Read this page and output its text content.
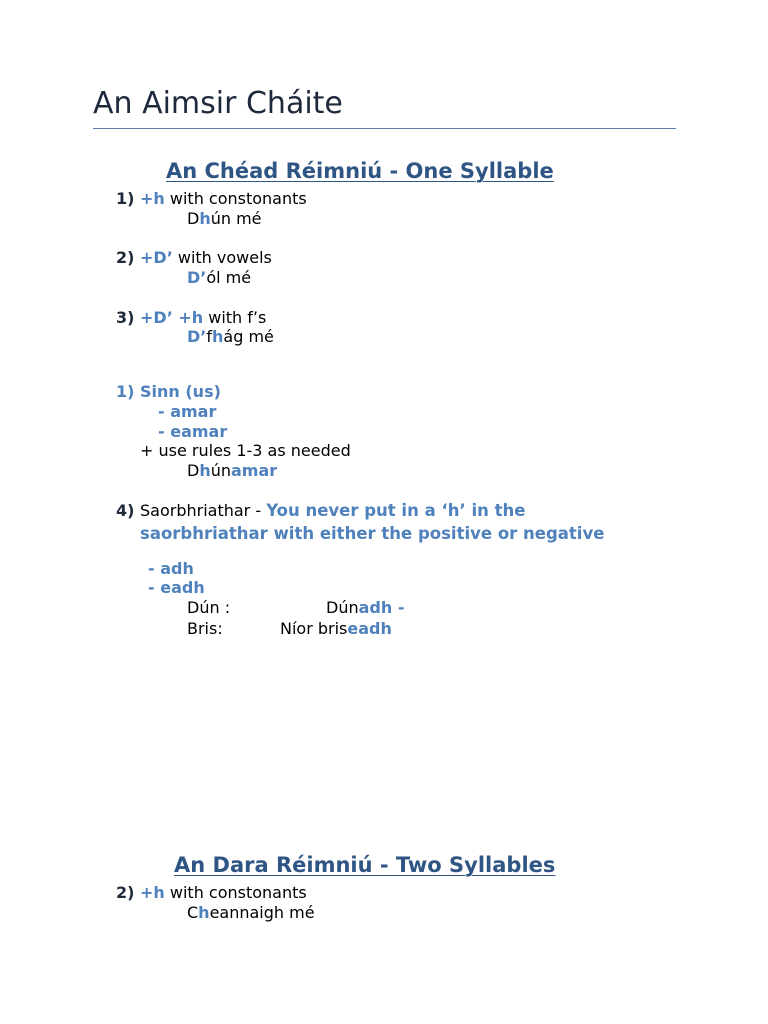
An Aimsir Cháite
An Chéad Réimniú - One Syllable
1) +h with constonants
Dhún mé
2) +D’ with vowels
D’ól mé
3) +D’ +h with f’s
D’fhág mé
1) Sinn (us)
- amar
- eamar
+ use rules 1-3 as needed
Dhúnamar
4) Saorbhriathar - You never put in a ‘h’ in the
saorbhriathar with either the positive or negative
- adh
- eadh
Dún :	Dúnadh -
Bris:	Níor briseadh
An Dara Réimniú - Two Syllables
2) +h with constonants
Cheannaigh mé
